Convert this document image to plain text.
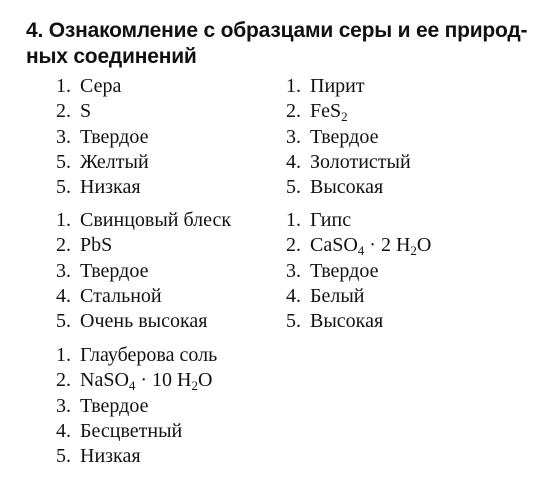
4. Ознакомление с образцами серы и ее природ-
ных соединений
1. Сера
2. S
3. Твердое
5. Желтый
5. Низкая
1. Пирит
2. FeS$_2$
3. Твердое
4. Золотистый
5. Высокая
1. Свинцовый блеск
2. PbS
3. Твердое
4. Стальной
5. Очень высокая
1. Гипс
2. CaSO$_4$ · 2 $H_2O$
3. Твердое
4. Белый
5. Высокая
1. Глауберова соль
2. NaSO$_4$ · 10 $H_2O$
3. Твердое
4. Бесцветный
5. Низкая
